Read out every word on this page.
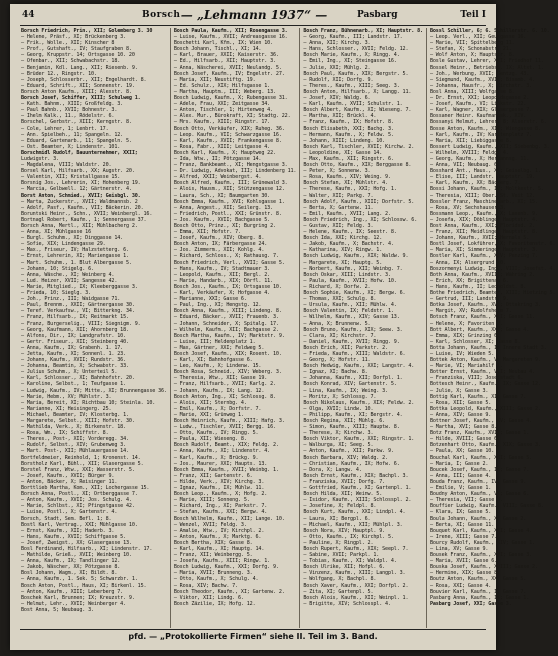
44	Borsch — „Lehmann 1937“ —	Pasbarg	Teil I
Borsch Friedrich, Prin., XII; Golemberg 3. 30
— Helene, Präsf., XI; Brückenberg 3.
— Frik., Wolle., XII; Kinscher 8
— Prof., Gutshaft., IV; Staufgraben 8.
— Georg, Kruppstr. 14; Ortsgasse 10. 20
— Ofenbar., XII; Schwabachstr. 18.
— Benjamin, Kdl. Lang., XII; Riesenb. 9.
— Brüder 12., Ringstr. 10.
— Joseph, Schlosserbr., XII; Engelhardt. 8.
— Eduard, Schrift., XII; Sonnenstr. 19.
Borsch Anton Kaufm., XIII; Alexstr. 8.
Borsch Josef, Schiffer, XIII; Schulweg 1.
— Kath. Bahnm., XIII; Großfeldg. 3.
— Paul Bahnb., XVII; Bohnestr. 3.
— Ihelm Kalk., 11., Rödelstr. 6.
Borschel, Gerbstr., XIII; Kerngstr. 8.
— Cole, Lehrer, 1; Lenbrt. 17.
— Ann. Spielbeh., 11; Spangeln. 12.
— Eduard, Gartenarb., 11; Spangeln. 5.
— Ost. Beamter, X; Lindenstr. 101.
Borschmidl Rudolf, Bauunternehmer, XXII;
Ludwigstr. 3.
— Magdalena, VIII; Waldstr. 20.
Borsel Karl, Hilfsarb., XX; Augstr. 20.
— Valentin, XII; Kristallgasse 15.
Borsnig Jos., Lehrerin, XI; Hohenberg 19.
— Marcia, Gelbwell. 12; Gärtnerstr. 4.
Borst Anton, Schmied., XVII; Geisbgl. 30.
— Marta, Zuckerstr., XVII; Waldmannsb. 2
— Adolf, Pasf., Kaufm., VII; Bäckerin. 20.
Boruntski Heinr., Schn., XVII; Weinbergl. 16.
Bortnagl Robert, Kaufm., 1; Sennergasse 37.
Borsch Anna, Mertl., XII; Mühlbacherg 2.
— Anna, XI; Mühlgasse 16
— Burgl. Schuhm., XI; Dinggasse 14.
— Sofie, XIX; Lindengasse 29.
— Max., Friseur, IV; Halzstetterg. 6.
— Ernst, Lehrerin, XI; Mariengasse 1.
— Mart. Schuhm., 1. Blut Albergasse 5.
— Johann, 10; Stigelg. 6.
— Anna, Wäsche., XI; Weinberg 4.
— Lud. Heizer, XVII; Sangesse 42.
— Marie, Mitglied., IX; Kleeberggasse 3.
— Frieda, 10; Sieglg. 3.
— Joh., Prinz., III; Waidgasse 71.
— Paul, Brennm., XXII; Gärtnergasse 30.
— Teref. Verkaufsw., VI; Bitterkng. 34.
— Franz, Hilfsarb., IX; Reitmarkt 15.
— Franz, Burgerselig., VIII; Siegnigm. 9.
— Georg, Kaufmann, XII; Ahornberg 18.
— Alfons, Dir., IX; Landgrafstr. 10.
— Gertr. Friseur., XII; Steinberg 40.
— Anna, Kaufm., IX; Grabenh. 1. 17.
— Jetta, Kaufm., XI; Sonnenl. 1. 23.
— Johann, Kaufm., XVII; Rundstr. 36.
— Johanna, Beamtin, X; Schwabstr. 33.
— Julius Schuhm., X; Unterteil 5.
— Karl, Schlosser., XI; Bahnhofstr. 20.
— Karoline, Selbst., 1; Teufgasse 1.
— Ludwig, Kaufm., IV; Mitte., XI; Brunnengasse 36.
— Marie, Hebm., XV; Mühlstr. 3.
— Maria, Bereit, XI; Richtbau 10; Steinla. 10.
— Marianne, XI; Heisingerg. 25.
— Michael, Beamter, IV; Klosterbg. 1.
— Margarete, Selbst., XIII; Hofstr. 30.
— Mathilda, Verk., X; Birkenstr. 18.
— Rosa, Wm., IX; Schiffstr. 8.
— Theres., Post-, XII; Vorderegg. 34.
— Rudolf, Selbst., XIV; Grubenweg 3.
— Mart. Post-, XII; Mühlauergasse 14.
Bortfeldmeier, Reinhold, 1; Kronenst. 14.
Borstholz Karl, Bühl., XII; Glasergasse 5.
Borstel Franz, Wtw., XXI; Wasserstr. 5.
— Josef, Kaufm., XVII; Bürger 9.
— Anton, Bäcker, X; Reisinger 11.
Borttlieb Martha, Kom., XII; Lochergasse 15.
Borsch Anna, Postl., XI; Ortberggasse 7.
— Anton, Kaufm., XVII; Jos. Schulg. 4.
— Marie, Schlbst., XI; Pfingstgasse 42.
— Luise, Postl., X; Gartenstr. 4.
Borsch, Stadt, Sem. Befl. 1; 8.
Bostl Karl, Vertrag., XXI; Mühlgasse 10.
— Ernst, Kaufm., XII; Haderb. 3.
— Hans, Kaufm., XVII; Schiffgasse 5.
— Josef, Zweigst., XX; Glasergasse 13.
Bosl Ferdinand, Hilfsarb., XI; Lindenstr. 17.
— Mathilde, Grieß., XVII; Weinberg 10.
— Anna, Kaufm., IX; Tandlinger 12.
— Jakob, Wäscher, XX; Pötzgasse 8.
Bosl Johann, Wagm., XI; Bildt. 8.
— Anna, Kaufm., 1. Sek. 5; Schwarzbr. 1.
Bosch Anton, Postl., Haus, XI; Birkenl. 15.
— Anton, Kaufm., XIII; Leberberg 7.
Boschek Karl, Brunnen; IX; Kreuzstr. 9.
— Helmut, Lehr., XVII; Weinberger 4.
Bost Anna, 5; Neubaug. 3.
Bosch Paula, Kaufm., XII; Rosengasse 3.
— Luise, Kaufm., XVII; Andreasgasse 16.
Boschetti Karl, Kfm., IX; Wien 10.
Bosch Johann, Tischl., XI; 14.
— Karl, Brauer, XXII; Kaiserstr. 36.
— Ed., Hilfsarb., XII; Hauptstr. 3.
— Anna, Wäscherei, XVII; Neulandg. 5.
Bosch Josef, Kaufm., IV; Engelstr. 27.
— Maria, XII; Neustiftg. 19.
— Ed. Schulz., XIX; Hilfsgasse 1.
— Martha, Hauptm., III; Weberg. 13.
Bosch Ludwig, Kaufm., X; Rubengasse 31.
— Adele, Frau, XXI; Zeitgasse 34.
— Anton, Tischler, 1; Hirtenweg 4.
— Alex. Mur., Bürokraft, XI; Stadtg. 22.
— Mrs. Kaufm., XIII; Ringstr. 17.
Bosch Otto, Verkäufer, XIX; Ruheg. 36.
— Leop. Kaufm., VII; Schwarzgasse 16.
— Karl, Kaufm., XVII; Frankengasse 8.
— Rosa, Fabr., XIII; Leitgasse 4.
Bosch Karl, Kaufm., X; Hauptweg 22.
— Ida, Wtw., II; Pötzgasse 14.
— Franz, Bankbeamt., XI; Hengstgasse 3.
— Dr. Ludwig, Advokat, III; Lindenberg 11.
— Alfred, XXII; Weinbergst. 4.
Bosch Alfred, Kaufm., III; Grünewald 3.
— Alois, Hausm., XII; Stützengasse 12.
— Laura, Sch., XI; Baumgarten 30.
Bosch Emma, Kaufm., XVI; Kohlsgasse 1.
— Anna, Angest., XII; Seilerg. 13.
— Friedrich, Postl., XXI; Grünstr. 8.
— Jos. Kaufm., XVII; Bachgasse 5.
Bosch Otto, Prinz., XI; Burgring 2.
— Emma, XII; Hofstr. 7.
— Josef, Kaufm., XIV; Oberg. 8.
Bosch Anton, IX; Färbergasse 24.
— Jos. Zimmerm., XII; Kohlg. 4.
— Richard, Schloss., X; Rathausg. 7.
Bosch Friedrich, Verl., XVII; Gasse 5.
— Hans, Kaufm., IV; Stadtmauer 3.
— Leopold, Kaufm., XII; Bergl. 2.
— Marie, Handarb., XIX; Dörfl. 11.
Bosch Jos., Kaufm., IX; Ortsgasse 10.
— Karl, Verkäufer, X; Hofgasse 4.
— Marianne, XXI; Gasse 6.
— Paul, Ing., XI; Hengstg. 12.
Bosch Anna, Kaufm., XIII; Lindeng. 8.
— Eduard, Bäcker., XVII; Frauenb. 3.
— Johann, Schneider, X; Spitalg. 17.
— Wilhelm, Kaufm., XII; Bachgasse 2.
Bosch Martha, Kaufm., IV; Marktstr. 9.
— Luise, III; Heldenplatz 1.
— Max, Gärtner, XXI; Feldweg 5.
Bosch Josef, Kaufm., XIX; Rosent. 10.
— Karl, XI; Bahnhofgasse 6.
— Leo, Kaufm., X; Lindenw. 15.
Bosch Rosa, Schneid., XIV; Weberg. 3.
— Theresia, Wtw., XII; Gasse 19.
— Franz, Hilfsarb., XVII; Karlg. 2.
— Johann, Kaufm., IX; Lang. 12.
Bosch Anton, Ing., XI; Schlossg. 8.
— Alois, XII; Sternbg. 4.
— Emil, Kaufm., X; Dorfstr. 7.
— Marie, XXI; Grünweg 1.
Bosch Heinrich, Kaufm., XIII; Hafg. 3.
— Ludw., Tischler, XVII; Bergg. 16.
— Otto, Kaufm., IV; Ringg. 5.
— Paula, XII; Wieseng. 8.
Bosch Rudolf, Beamt., XIX; Feldg. 2.
— Anna, Kaufm., XI; Lindenstr. 4.
— Karl, Kaufm., X; Brückg. 9.
— Jos., Maurer, XXI; Haupts. 13.
Bosch Emma, Kaufm., XVII; Weinbg. 1.
— Franz, XII; Gartenstr. 6.
— Hilde, Verk., XIV; Kirchg. 3.
— Ignaz, Kaufm., IX; Mühlw. 11.
Bosch Leop., Kaufm., X; Hofg. 2.
— Marie, XIII; Sonneng. 5.
— Richard, Ing., XI; Parkstr. 7.
— Stefan, Kaufm., XXI; Bergw. 4.
Bosch Wilhelm, Kaufm., XII; Lange. 10.
— Wenzel, XVII; Feldg. 3.
— Amalie, Wtw., IV; Kirchpl. 2.
— Anton, Kaufm., X; Marktg. 6.
Bosch Bertha, XIX; Gasse 8.
— Karl, Kaufm., XI; Hauptg. 14.
— Franz, XII; Weinbergg. 5.
— Josefa, Kaufm., XIII; Ringw. 1.
Bosch Ludwig, Kaufm., XXI; Dorfg. 9.
— Maria, XVII; Brunneng. 3.
— Otto, Kaufm., X; Schulg. 4.
— Rosa, XIV; Bachw. 7.
Bosch Theodor, Kaufm., XI; Gartenw. 2.
— Viktor, XII; Lindg. 6.
Bosch Zäzilie, IX; Hofg. 12.
Bosch Franz, Bühnenarb., XI; Hauptstr. 8.
— Georg, Kaufm., III; Landstr. 17.
— Anna, XII; Kirchg. 3.
— Hans, Schlosser., XVII; Feldg. 12.
Bosch Marie, Kaufm., X; Ringg. 4.
— Emil, Ing., XI; Steingasse 16.
— Julie, XXI; Mühlg. 2.
Bosch Paul, Kaufm., XIX; Bergstr. 5.
— Rudolf, XII; Dorfg. 9.
— Theres., Kaufm., XIII; Seeg. 3.
Bosch Anton, Hilfsarb., X; Langg. 11.
— Josef, XIV; Waldg. 6.
— Karl, Kaufm., XVII; Schulstr. 1.
Bosch Albert, Kaufm., XI; Wieseng. 7.
— Martha, XII; Brückl. 4.
— Franz, Kaufm., IX; Hofstr. 8.
Bosch Elisabeth, XXI; Bachg. 3.
— Hermann, Kaufm., X; Feldw. 5.
— Johann, XIII; Lindeng. 10.
Bosch Karl, Tischler, XVII; Kirchw. 2.
— Leopoldine, XI; Gasse 14.
— Max, Kaufm., XII; Ringstr. 6.
Bosch Otto, Kaufm., XIX; Berggasse 8.
— Peter, X; Sonnenw. 3.
— Rosa, Kaufm., XIV; Weing. 9.
Bosch Stefan, XI; Mühlstr. 4.
— Therese, Kaufm., XXI; Hofg. 1.
— Walter, XII; Parkg. 7.
Bosch Adolf, Kaufm., XIII; Dorfstr. 5.
— Berta, X; Gartenw. 11.
— Emil, Kaufm., XVII; Lang. 2.
Bosch Friedrich, Ing., XI; Schlossw. 6.
— Gustav, XII; Feldg. 3.
— Helene, Kaufm., IX; Seestr. 8.
Bosch Ida, XXI; Kirchg. 12.
— Jakob, Kaufm., X; Bachstr. 4.
— Katharina, XIV; Ringw. 1.
Bosch Ludwig, Kaufm., XIX; Waldw. 9.
— Margarete, XI; Hauptg. 5.
— Norbert, Kaufm., XII; Weinbg. 7.
Bosch Oskar, XIII; Lindstr. 3.
— Paula, Kaufm., XVII; Hofw. 10.
— Richard, X; Dorfw. 2.
Bosch Sophie, Kaufm., XI; Bergw. 6.
— Thomas, XXI; Schulg. 8.
— Ursula, Kaufm., XII; Mühlw. 4.
Bosch Valentin, IX; Feldstr. 1.
— Wilhelm, Kaufm., XIV; Gasse 13.
— Anna, X; Brunnenw. 5.
Bosch Bruno, Kaufm., XIX; Seew. 3.
— Clara, XI; Kirchstr. 7.
— Daniel, Kaufm., XVII; Ringg. 9.
Bosch Erich, XII; Parkstr. 2.
— Frieda, Kaufm., XIII; Waldstr. 6.
— Georg, X; Hofstr. 11.
Bosch Hedwig, Kaufm., XXI; Langstr. 4.
— Ignaz, XI; Bachw. 8.
— Johanna, Kaufm., XII; Dorfpl. 1.
Bosch Konrad, XIV; Gartenstr. 5.
— Lina, Kaufm., IX; Weing. 3.
— Moritz, X; Schlossg. 7.
Bosch Nikolaus, Kaufm., XIX; Feldw. 2.
— Olga, XVII; Lindw. 10.
— Philipp, Kaufm., XI; Bergstr. 4.
Bosch Regina, XII; Mühlg. 6.
— Simon, Kaufm., XIII; Hauptw. 8.
— Therese, X; Kirchw. 3.
Bosch Viktor, Kaufm., XXI; Ringstr. 1.
— Walburga, XI; Seeg. 5.
— Anton, Kaufm., XII; Parkw. 9.
Bosch Barbara, XIV; Waldg. 2.
— Christian, Kaufm., IX; Hofw. 6.
— Dora, X; Langw. 4.
Bosch Ernst, Kaufm., XIX; Bachpl. 3.
— Franziska, XVII; Dorfg. 7.
— Gottfried, Kaufm., XI; Gartenpl. 1.
Bosch Hilda, XII; Weinw. 5.
— Isidor, Kaufm., XIII; Schlosspl. 2.
— Josefine, X; Feldpl. 8.
Bosch Kurt, Kaufm., XXI; Lindpl. 4.
— Laura, XI; Bergpl. 6.
— Michael, Kaufm., XII; Mühlpl. 3.
Bosch Nora, XIV; Hauptpl. 9.
— Otto, Kaufm., IX; Kirchpl. 5.
— Pauline, X; Ringpl. 2.
Bosch Rupert, Kaufm., XIX; Seepl. 7.
— Sabine, XVII; Parkpl. 1.
— Tobias, Kaufm., XI; Waldpl. 4.
Bosch Ulrike, XII; Hofpl. 6.
— Vinzenz, Kaufm., XIII; Langpl. 3.
— Wolfgang, X; Bachpl. 8.
Bosch Xaver, Kaufm., XXI; Dorfpl. 2.
— Zita, XI; Gartenpl. 5.
Bosch Alois, Kaufm., XII; Weinpl. 1.
— Brigitte, XIV; Schlosspl. 4.
Bossl Schiller, 6; 6. Schillerstr. 6. 10.
— Leop. Verl., XII; Geusgasse 16.
— Marie, VII; Spittelberg 11.
— Stefan, X; Schonabstr. 21.
— Wolf Anton, X; Hauptstr. 8.
Bosle Gustav, Lehrer, XII; Friedhof 11.
Bossel Heinr., Betriebsl. IX; Altst. 1.
— Joh., Werbung, XVII; Gentzg. 43.
— Siegmund, Kaufm., XVII; Bisamb. 4.
— Johanna, Hausfr., X; Kirchstr. 3.
Bosl Anna, XIII; Wolfgasse 8.
— Dr. Ernst, XXI; Leopoldsgasse 2.
— Josef, Kaufm., VI; Linkstr. 22.
— Karl, Wagner, XIX; Glasergasse 7.
Bossaner Heinr. Kaufmannsk., XIV.
Bossanyi Helmut, Lehrer, 8; Alserstr. 6.
Bosse Anton, Kaufm., XII; Wiengasse 8.
— Karl, Kaufm., IV; Karstenplatz 7.
— Maria, XII; Liebiggasse 8.
Bossert Ludwig, Kaufm., XII; Siebenbg. 3.
— Wilhelm, XVIII; Feldg. 4.
— Georg, Kaufm., X; Hermannsg. 11.
— Anna, VII; Neubaug. 6.
Bosshard Ant., Haus., XI; Geiselbg. 1.
— Elise, III; Landstr. Hauptstr. 19.
— Karl, Kaufm., XX; Bäckerg. 7.
Bossi Johann, Kaufm., IV; Moltkestr. 5.
— Theresia, XIII; Ober. St. Veit 12.
Bossler Franz, Maschinenarb., XI; 15.
— Rosa, XV; Sechshauser 3.
Bossmann Leop., Kaufm., X; Laxenb. 9.
— Josefa, XIX; Döblinger Hauptstr. 4.
Bost Anna, Kaufm., XXI; Floridsd. 2.
— Franz, XII; Meidlinger Hauptstr. 8.
— Johann, Kaufm., XVII; Hernals 5.
Bostl Josef, Lokführer, X; Favoritenstr. 6.
— Maria, XI; Simmeringer Hauptstr. 3.
Bostler Karl, Kaufm., XIV; Penzing 7.
— Anna, IX; Alsergrund 10.
Boszormenyi Ludwig, Ing., VIII; Josefst. 4.
Both Anna, Kaufm., XVIII; Währing 2.
— Erich, XX; Brigittenau 6.
— Hans, Kaufm., II; Leopoldst. 8.
Bothe Friedrich, Beamter, XIII; Hietzing 5.
— Gertrud, III; Landstr. 9.
Botka Josef, Kaufm., XVI; Ottakring 3.
— Margit, XV; Rudolfsheim 7.
Botsch Franz, Kaufm., XII; Gasse 11.
— Helene, X; Favoriten 2.
Bott Albert, Kaufm., XXI; Gasse 4.
— Emma, XIX; Grinzing 6.
— Karl, Schlosser, XI; Gasse 8.
Botta Johann, Kaufm., I; Innere Stadt 3.
— Luise, IV; Wieden 5.
Bottek Anton, Kaufm., V; Margareten 9.
— Marie, VI; Mariahilf 1.
Botter Ernst, Kaufm., VII; Neubau 4.
— Franziska, VIII; Josefstadt 6.
Bottesch Heinr., Kaufm., IX; Gasse 12.
— Julie, X; Gasse 3.
Bottig Karl, Kaufm., XI; Gasse 7.
— Rosa, XII; Gasse 5.
Bottka Leopold, Kaufm., XIII; Gasse 2.
— Anna, XIV; Gasse 9.
Bottner Josef, Kaufm., XV; Gasse 4.
— Martha, XVI; Gasse 8.
Botz Franz, Kaufm., XVII; Gasse 1.
— Hilde, XVIII; Gasse 6.
Botzenhart Otto, Kaufm., XIX; Gasse 3.
— Paula, XX; Gasse 10.
Bouchal Karl, Kaufm., XXI; Gasse 5.
— Maria, I; Gasse 2.
Boucek Josef, Kaufm., II; Gasse 7.
— Anna, III; Gasse 4.
Bouda Franz, Kaufm., IV; Gasse 9.
— Emilie, V; Gasse 1.
Boudny Anton, Kaufm., VI; Gasse 6.
— Theresia, VII; Gasse 3.
Bouffier Ludwig, Kaufm., VIII; Gasse 8.
— Klara, IX; Gasse 5.
Boula Johann, Kaufm., X; Gasse 2.
— Berta, XI; Gasse 11.
Bouquet Karl, Kaufm., XII; Gasse 4.
— Irene, XIII; Gasse 7.
Bourcy Rudolf, Kaufm., XIV; Gasse 1.
— Lina, XV; Gasse 9.
Bousek Franz, Kaufm., XVI; Gasse 3.
— Maria, XVII; Gasse 6.
Bouska Josef, Kaufm., XVIII; Gasse 2.
— Hermine, XIX; Gasse 8.
Boutz Anton, Kaufm., XX; Gasse 5.
— Rosa, XXI; Gasse 4.
Bouvier Karl, Kaufm., I; Gasse 7.
Pasbarg Anna, Kaufm., II; Gasse 1.
Pasbarg Josef, XXI; Gasse 3.
pfd. — „Protokollierte Firmen“ siehe II. Teil im 3. Band.
